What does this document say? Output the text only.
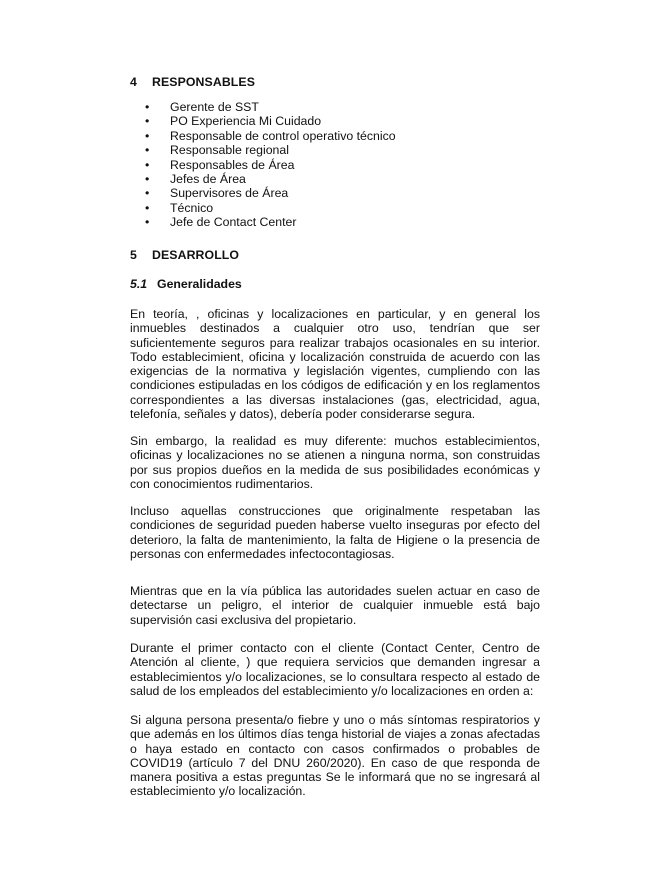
4 RESPONSABLES
• Gerente de SST
• PO Experiencia Mi Cuidado
• Responsable de control operativo técnico
• Responsable regional
• Responsables de Área
• Jefes de Área
• Supervisores de Área
• Técnico
• Jefe de Contact Center
5 DESARROLLO
5.1 Generalidades
En teoría, , oficinas y localizaciones en particular, y en general los inmuebles destinados a cualquier otro uso, tendrían que ser suficientemente seguros para realizar trabajos ocasionales en su interior. Todo establecimient, oficina y localización construida de acuerdo con las exigencias de la normativa y legislación vigentes, cumpliendo con las condiciones estipuladas en los códigos de edificación y en los reglamentos correspondientes a las diversas instalaciones (gas, electricidad, agua, telefonía, señales y datos), debería poder considerarse segura.
Sin embargo, la realidad es muy diferente: muchos establecimientos, oficinas y localizaciones no se atienen a ninguna norma, son construidas por sus propios dueños en la medida de sus posibilidades económicas y con conocimientos rudimentarios.
Incluso aquellas construcciones que originalmente respetaban las condiciones de seguridad pueden haberse vuelto inseguras por efecto del deterioro, la falta de mantenimiento, la falta de Higiene o la presencia de personas con enfermedades infectocontagiosas.
Mientras que en la vía pública las autoridades suelen actuar en caso de detectarse un peligro, el interior de cualquier inmueble está bajo supervisión casi exclusiva del propietario.
Durante el primer contacto con el cliente (Contact Center, Centro de Atención al cliente, ) que requiera servicios que demanden ingresar a establecimientos y/o localizaciones, se lo consultara respecto al estado de salud de los empleados del establecimiento y/o localizaciones en orden a:
Si alguna persona presenta/o fiebre y uno o más síntomas respiratorios y que además en los últimos días tenga historial de viajes a zonas afectadas o haya estado en contacto con casos confirmados o probables de COVID19 (artículo 7 del DNU 260/2020). En caso de que responda de manera positiva a estas preguntas Se le informará que no se ingresará al establecimiento y/o localización.
